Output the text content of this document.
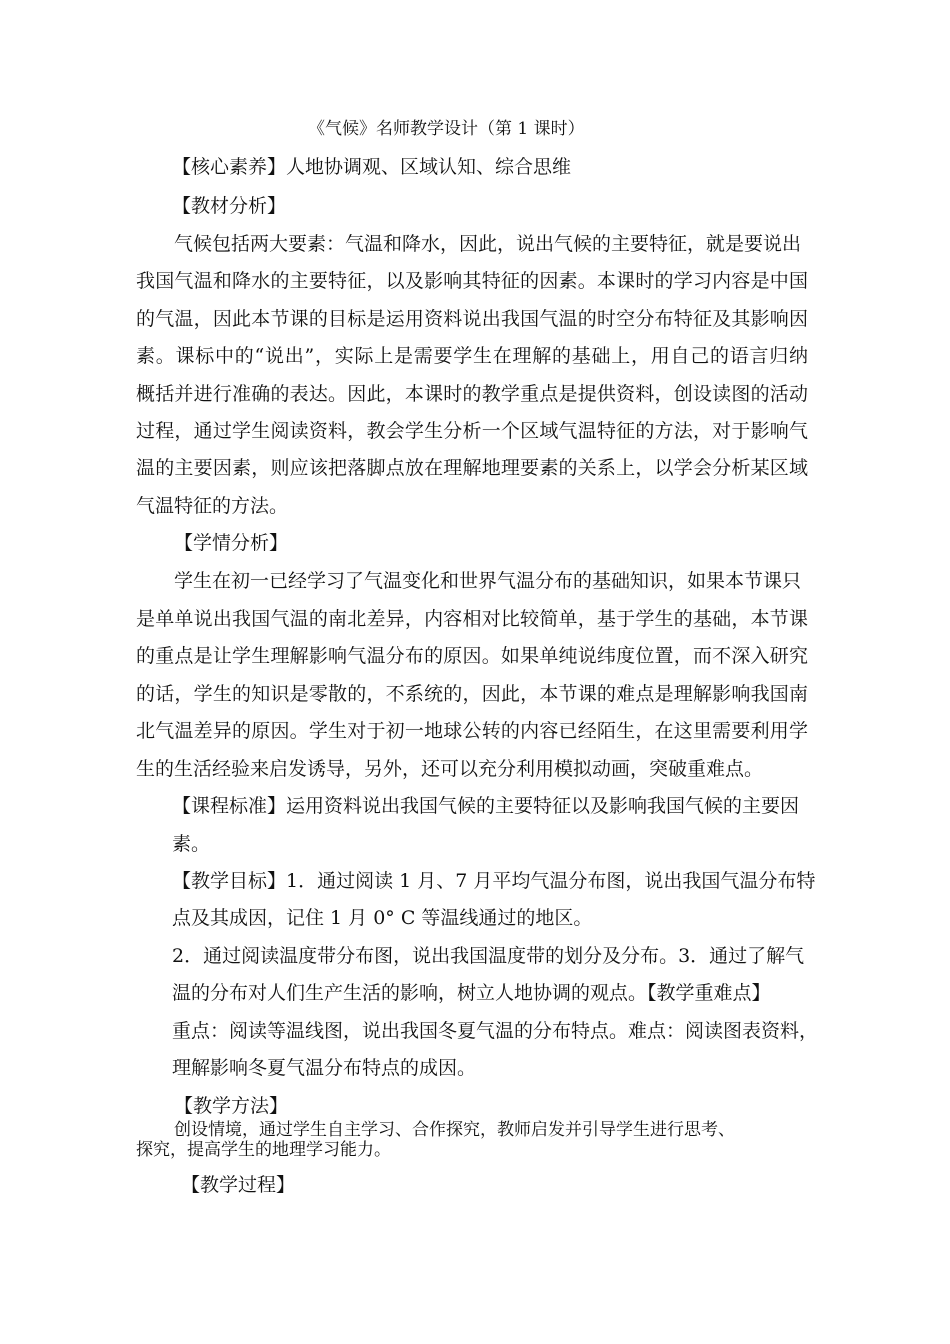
《气候》名师教学设计（第 1 课时）
【核心素养】人地协调观、区域认知、综合思维
【教材分析】
气候包括两大要素：气温和降水，因此，说出气候的主要特征，就是要说出
我国气温和降水的主要特征，以及影响其特征的因素。本课时的学习内容是中国
的气温，因此本节课的目标是运用资料说出我国气温的时空分布特征及其影响因
素。课标中的“说出”，实际上是需要学生在理解的基础上，用自己的语言归纳
概括并进行准确的表达。因此，本课时的教学重点是提供资料，创设读图的活动
过程，通过学生阅读资料，教会学生分析一个区域气温特征的方法，对于影响气
温的主要因素，则应该把落脚点放在理解地理要素的关系上，以学会分析某区域
气温特征的方法。
【学情分析】
学生在初一已经学习了气温变化和世界气温分布的基础知识，如果本节课只
是单单说出我国气温的南北差异，内容相对比较简单，基于学生的基础，本节课
的重点是让学生理解影响气温分布的原因。如果单纯说纬度位置，而不深入研究
的话，学生的知识是零散的，不系统的，因此，本节课的难点是理解影响我国南
北气温差异的原因。学生对于初一地球公转的内容已经陌生，在这里需要利用学
生的生活经验来启发诱导，另外，还可以充分利用模拟动画，突破重难点。
【课程标准】运用资料说出我国气候的主要特征以及影响我国气候的主要因
素。
【教学目标】1．通过阅读 1 月、7 月平均气温分布图，说出我国气温分布特
点及其成因，记住 1 月 0° C 等温线通过的地区。
2．通过阅读温度带分布图，说出我国温度带的划分及分布。3．通过了解气
温的分布对人们生产生活的影响，树立人地协调的观点。【教学重难点】
重点：阅读等温线图，说出我国冬夏气温的分布特点。难点：阅读图表资料，
理解影响冬夏气温分布特点的成因。
【教学方法】
创设情境，通过学生自主学习、合作探究，教师启发并引导学生进行思考、
探究，提高学生的地理学习能力。
【教学过程】
